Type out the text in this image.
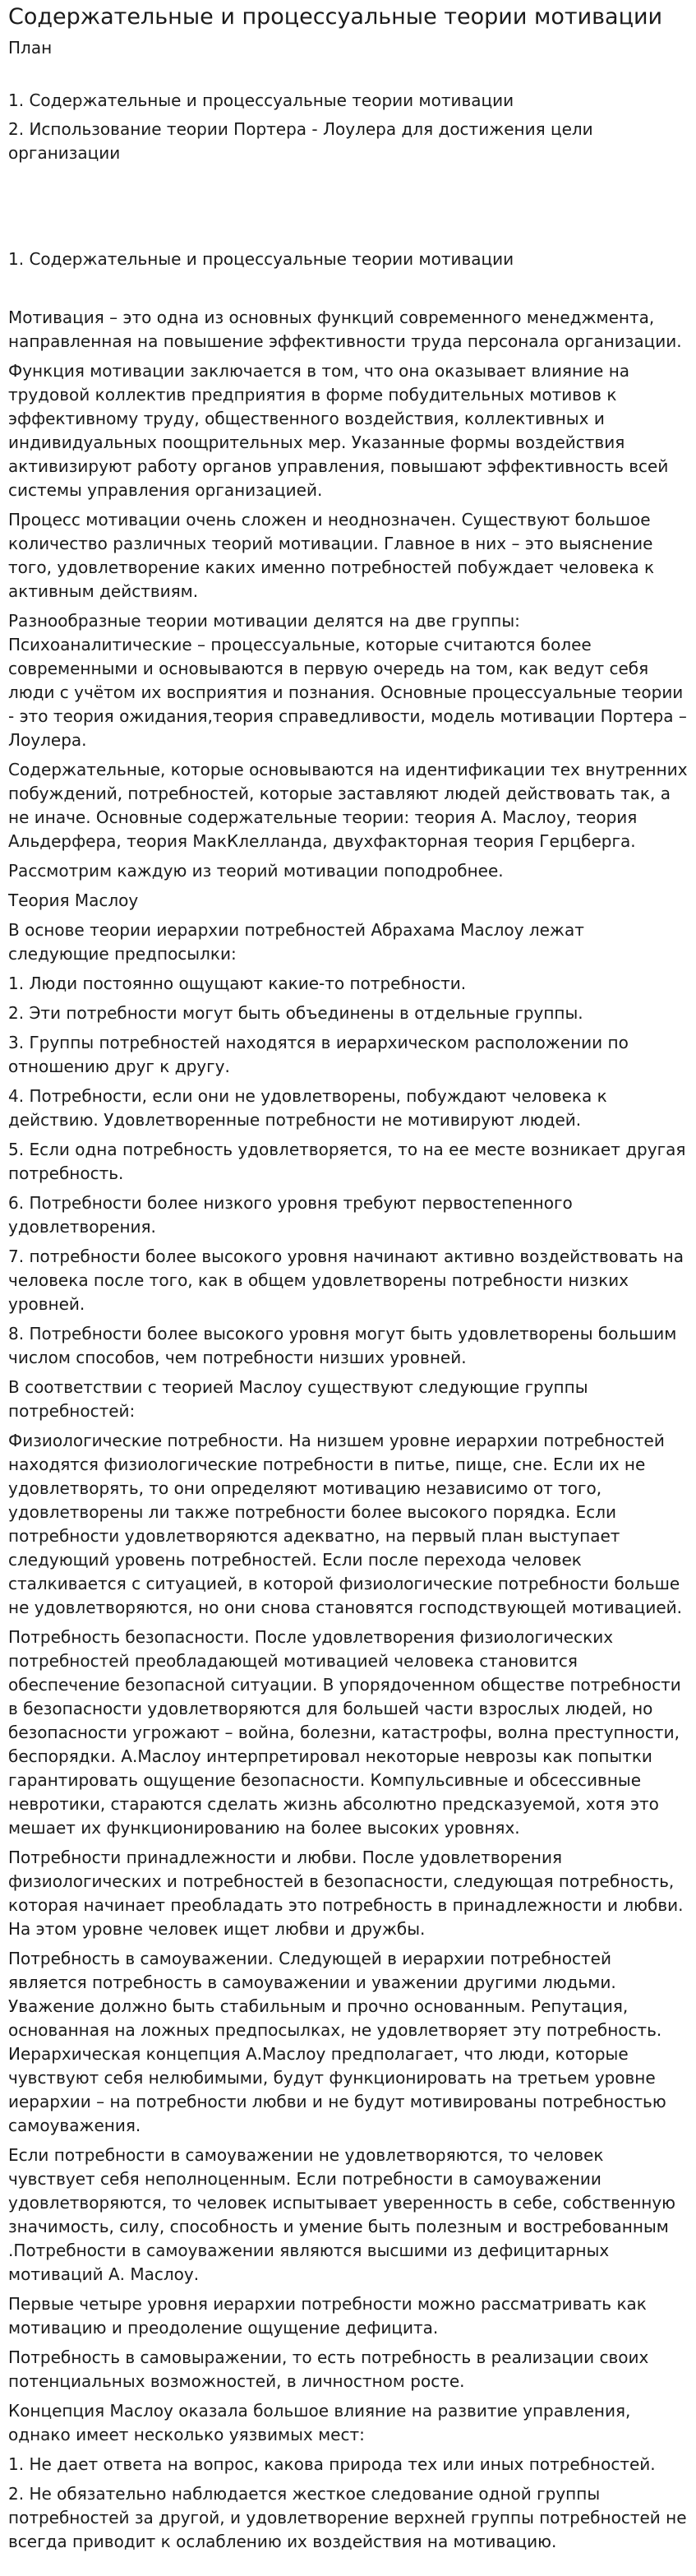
Содержательные и процессуальные теории мотивации
План
1. Содержательные и процессуальные теории мотивации
2. Использование теории Портера - Лоулера для достижения цели организации
1. Содержательные и процессуальные теории мотивации

Мотивация – это одна из основных функций современного менеджмента, направленная на повышение эффективности труда персонала организации.

Функция мотивации заключается в том, что она оказывает влияние на трудовой коллектив предприятия в форме побудительных мотивов к эффективному труду, общественного воздействия, коллективных и индивидуальных поощрительных мер. Указанные формы воздействия активизируют работу органов управления, повышают эффективность всей системы управления организацией.

Процесс мотивации очень сложен и неоднозначен. Существуют большое количество различных теорий мотивации. Главное в них – это выяснение того, удовлетворение каких именно потребностей побуждает человека к активным действиям.

Разнообразные теории мотивации делятся на две группы: Психоаналитические – процессуальные, которые считаются более современными и основываются в первую очередь на том, как ведут себя люди с учётом их восприятия и познания. Основные процессуальные теории - это теория ожидания,теория справедливости, модель мотивации Портера – Лоулера.

Содержательные, которые основываются на идентификации тех внутренних побуждений, потребностей, которые заставляют людей действовать так, а не иначе. Основные содержательные теории: теория А. Маслоу, теория Альдерфера, теория МакКлелланда, двухфакторная теория Герцберга.

Рассмотрим каждую из теорий мотивации поподробнее.

Теория Маслоу

В основе теории иерархии потребностей Абрахама Маслоу лежат следующие предпосылки:

1. Люди постоянно ощущают какие-то потребности.

2. Эти потребности могут быть объединены в отдельные группы.

3. Группы потребностей находятся в иерархическом расположении по отношению друг к другу.

4. Потребности, если они не удовлетворены, побуждают человека к действию. Удовлетворенные потребности не мотивируют людей.

5. Если одна потребность удовлетворяется, то на ее месте возникает другая потребность.

6. Потребности более низкого уровня требуют первостепенного удовлетворения.

7. потребности более высокого уровня начинают активно воздействовать на человека после того, как в общем удовлетворены потребности низких уровней.

8. Потребности более высокого уровня могут быть удовлетворены большим числом способов, чем потребности низших уровней.

В соответствии с теорией Маслоу существуют следующие группы потребностей:

Физиологические потребности. На низшем уровне иерархии потребностей находятся физиологические потребности в питье, пище, сне. Если их не удовлетворять, то они определяют мотивацию независимо от того, удовлетворены ли также потребности более высокого порядка. Если потребности удовлетворяются адекватно, на первый план выступает следующий уровень потребностей. Если после перехода человек сталкивается с ситуацией, в которой физиологические потребности больше не удовлетворяются, но они снова становятся господствующей мотивацией.

Потребность безопасности. После удовлетворения физиологических потребностей преобладающей мотивацией человека становится обеспечение безопасной ситуации. В упорядоченном обществе потребности в безопасности удовлетворяются для большей части взрослых людей, но безопасности угрожают – война, болезни, катастрофы, волна преступности, беспорядки. А.Маслоу интерпретировал некоторые неврозы как попытки гарантировать ощущение безопасности. Компульсивные и обсессивные невротики, стараются сделать жизнь абсолютно предсказуемой, хотя это мешает их функционированию на более высоких уровнях.

Потребности принадлежности и любви. После удовлетворения физиологических и потребностей в безопасности, следующая потребность, которая начинает преобладать это потребность в принадлежности и любви. На этом уровне человек ищет любви и дружбы.

Потребность в самоуважении. Следующей в иерархии потребностей является потребность в самоуважении и уважении другими людьми. Уважение должно быть стабильным и прочно основанным. Репутация, основанная на ложных предпосылках, не удовлетворяет эту потребность. Иерархическая концепция А.Маслоу предполагает, что люди, которые чувствуют себя нелюбимыми, будут функционировать на третьем уровне иерархии – на потребности любви и не будут мотивированы потребностью самоуважения.

Если потребности в самоуважении не удовлетворяются, то человек чувствует себя неполноценным. Если потребности в самоуважении удовлетворяются, то человек испытывает уверенность в себе, собственную значимость, силу, способность и умение быть полезным и востребованным .Потребности в самоуважении являются высшими из дефицитарных мотиваций А. Маслоу.

Первые четыре уровня иерархии потребности можно рассматривать как мотивацию и преодоление ощущение дефицита.

Потребность в самовыражении, то есть потребность в реализации своих потенциальных возможностей, в личностном росте.

Концепция Маслоу оказала большое влияние на развитие управления, однако имеет несколько уязвимых мест:

1. Не дает ответа на вопрос, какова природа тех или иных потребностей.

2. Не обязательно наблюдается жесткое следование одной группы потребностей за другой, и удовлетворение верхней группы потребностей не всегда приводит к ослаблению их воздействия на мотивацию.
